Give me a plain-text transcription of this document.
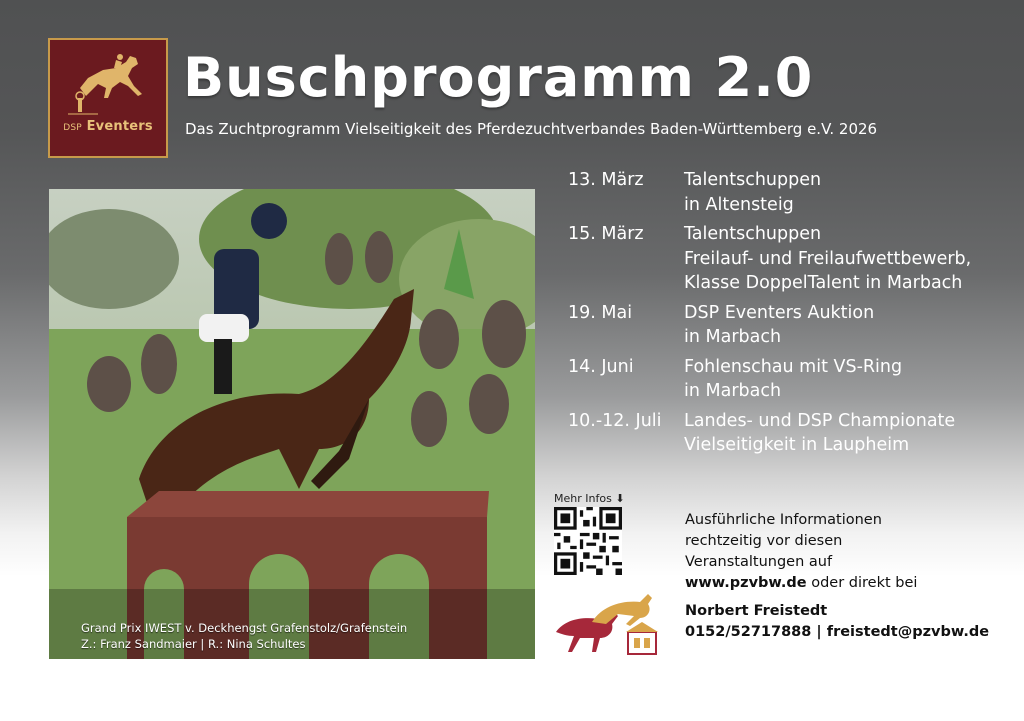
DSP Eventers
Buschprogramm 2.0
Das Zuchtprogramm Vielseitigkeit des Pferdezuchtverbandes Baden-Württemberg e.V. 2026
Grand Prix IWEST v. Deckhengst Grafenstolz/Grafenstein
Z.: Franz Sandmaier | R.: Nina Schultes
13. März	Talentschuppen
in Altensteig
15. März	Talentschuppen
Freilauf- und Freilaufwettbewerb,
Klasse DoppelTalent in Marbach
19. Mai	DSP Eventers Auktion
in Marbach
14. Juni	Fohlenschau mit VS-Ring
in Marbach
10.-12. Juli	Landes- und DSP Championate
Vielseitigkeit in Laupheim
Mehr Infos ⬇
Ausführliche Informationen
rechtzeitig vor diesen
Veranstaltungen auf
www.pzvbw.de oder direkt bei
Norbert Freistedt
0152/52717888 | freistedt@pzvbw.de
